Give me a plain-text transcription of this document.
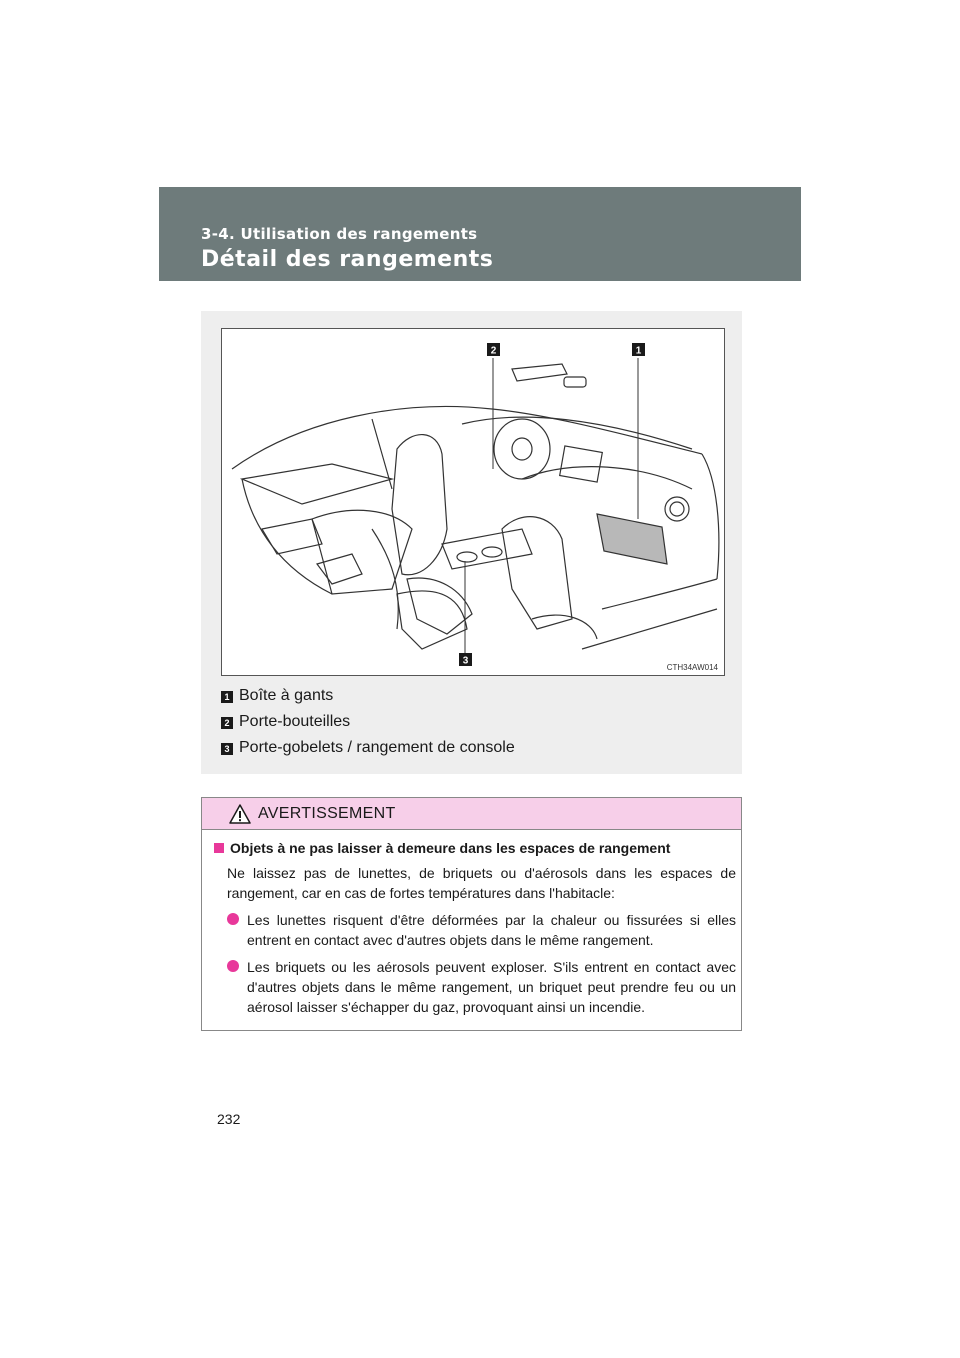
3-4. Utilisation des rangements
Détail des rangements
1
2
3
CTH34AW014
1 Boîte à gants
2 Porte-bouteilles
3 Porte-gobelets / rangement de console
AVERTISSEMENT
Objets à ne pas laisser à demeure dans les espaces de rangement
Ne laissez pas de lunettes, de briquets ou d'aérosols dans les espaces de rangement, car en cas de fortes températures dans l'habitacle:
Les lunettes risquent d'être déformées par la chaleur ou fissurées si elles entrent en contact avec d'autres objets dans le même rangement.
Les briquets ou les aérosols peuvent exploser. S'ils entrent en contact avec d'autres objets dans le même rangement, un briquet peut prendre feu ou un aérosol laisser s'échapper du gaz, provoquant ainsi un incendie.
232
